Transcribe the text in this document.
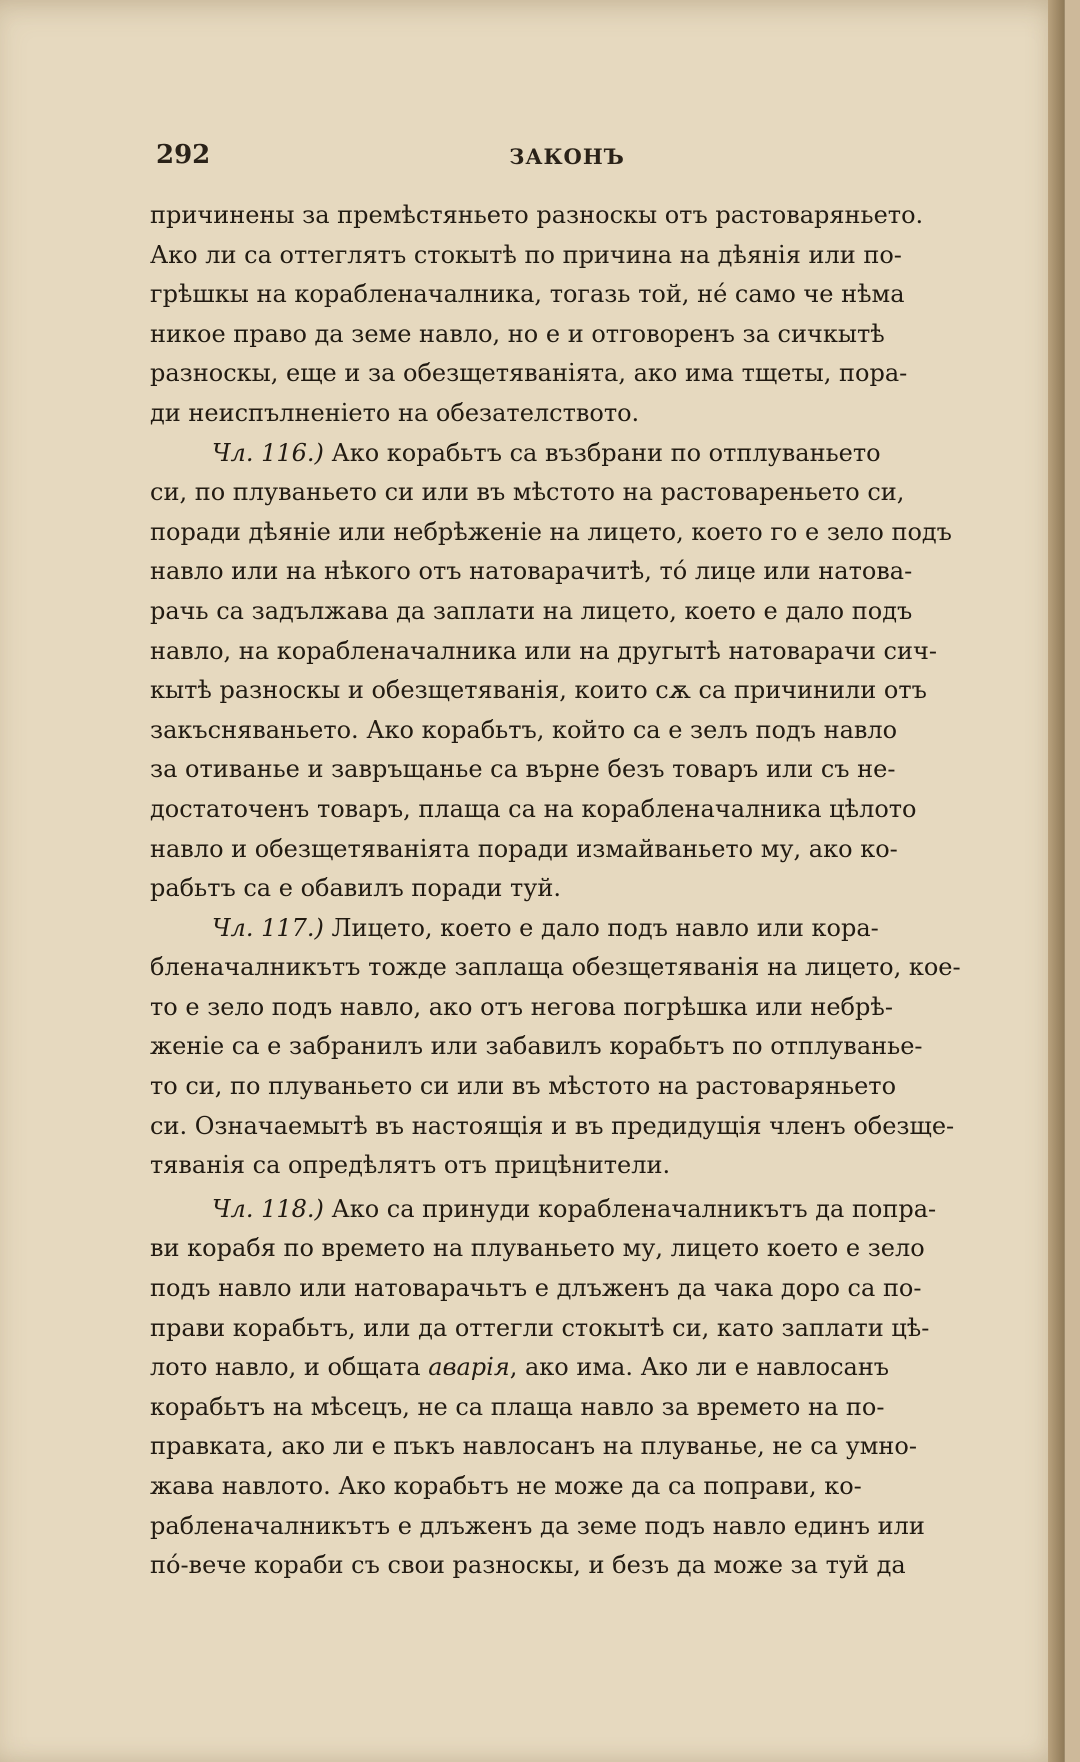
292	ЗАКОНЪ
причинены за премѣстяньето разноскы отъ растоваряньето.
Ако ли са оттеглятъ стокытѣ по причина на дѣянія или по-
грѣшкы на корабленачалника, тогазь той, нé само че нѣма
никое право да земе навло, но е и отговоренъ за сичкытѣ
разноскы, еще и за обезщетяваніята, ако има тщеты, пора-
ди неиспълненіето на обезателството.
Чл. 116.) Ако корабьтъ са възбрани по отплуваньето
си, по плуваньето си или въ мѣстото на растовареньето си,
поради дѣяніе или небрѣженіе на лицето, което го е зело подъ
навло или на нѣкого отъ натоварачитѣ, тó лице или натова-
рачь са задължава да заплати на лицето, което е дало подъ
навло, на корабленачалника или на другытѣ натоварачи сич-
кытѣ разноскы и обезщетяванія, които сѫ са причинили отъ
закъсняваньето. Ако корабьтъ, който са е зелъ подъ навло
за отиванье и завръщанье са върне безъ товаръ или съ не-
достаточенъ товаръ, плаща са на корабленачалника цѣлото
навло и обезщетяваніята поради измайваньето му, ако ко-
рабьтъ са е обавилъ поради туй.
Чл. 117.) Лицето, което е дало подъ навло или кора-
бленачалникътъ тожде заплаща обезщетяванія на лицето, кое-
то е зело подъ навло, ако отъ негова погрѣшка или небрѣ-
женіе са е забранилъ или забавилъ корабьтъ по отплуванье-
то си, по плуваньето си или въ мѣстото на растоваряньето
си. Означаемытѣ въ настоящія и въ предидущія членъ обезще-
тяванія са опредѣлятъ отъ прицѣнители.
Чл. 118.) Ако са принуди корабленачалникътъ да попра-
ви корабя по времето на плуваньето му, лицето което е зело
подъ навло или натоварачьтъ е длъженъ да чака доро са по-
прави корабьтъ, или да оттегли стокытѣ си, като заплати цѣ-
лото навло, и общата аварія, ако има. Ако ли е навлосанъ
корабьтъ на мѣсецъ, не са плаща навло за времето на по-
правката, ако ли е пъкъ навлосанъ на плуванье, не са умно-
жава навлото. Ако корабьтъ не може да са поправи, ко-
рабленачалникътъ е длъженъ да земе подъ навло единъ или
пó-вече кораби съ свои разноскы, и безъ да може за туй да
